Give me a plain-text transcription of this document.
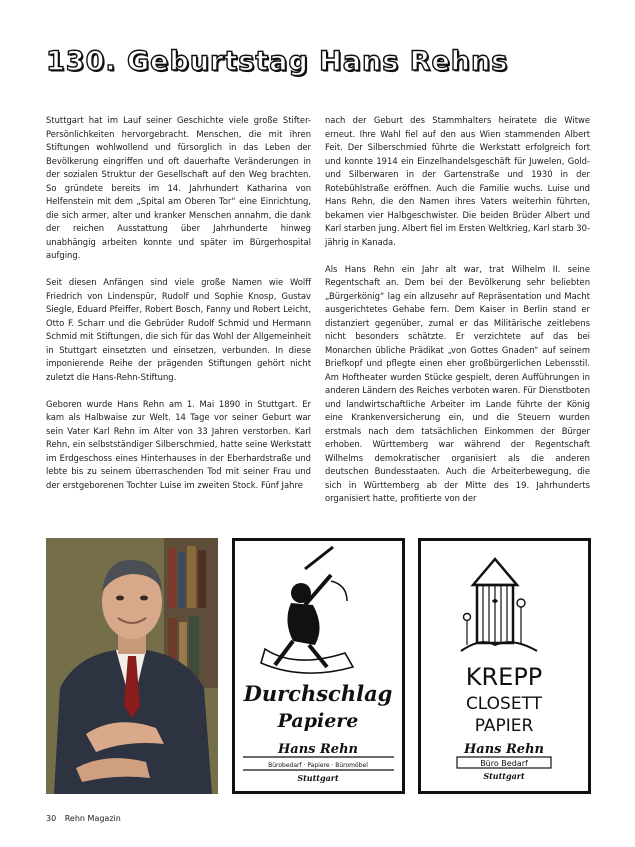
130. Geburtstag Hans Rehns

Stuttgart hat im Lauf seiner Geschichte viele große Stifter-Persönlichkeiten hervorgebracht. Menschen, die mit ihren Stiftungen wohlwollend und fürsorglich in das Leben der Bevölkerung eingriffen und oft dauerhafte Veränderungen in der sozialen Struktur der Gesellschaft auf den Weg brachten. So gründete bereits im 14. Jahrhundert Katharina von Helfenstein mit dem „Spital am Oberen Tor“ eine Einrichtung, die sich armer, alter und kranker Menschen annahm, die dank der reichen Ausstattung über Jahrhunderte hinweg unabhängig arbeiten konnte und später im Bürgerhospital aufging.

Seit diesen Anfängen sind viele große Namen wie Wolff Friedrich von Lindenspür, Rudolf und Sophie Knosp, Gustav Siegle, Eduard Pfeiffer, Robert Bosch, Fanny und Robert Leicht, Otto F. Scharr und die Gebrüder Rudolf Schmid und Hermann Schmid mit Stiftungen, die sich für das Wohl der Allgemeinheit in Stuttgart einsetzten und einsetzen, verbunden. In diese imponierende Reihe der prägenden Stiftungen gehört nicht zuletzt die Hans-Rehn-Stiftung.

Geboren wurde Hans Rehn am 1. Mai 1890 in Stuttgart. Er kam als Halbwaise zur Welt. 14 Tage vor seiner Geburt war sein Vater Karl Rehn im Alter von 33 Jahren verstorben. Karl Rehn, ein selbstständiger Silberschmied, hatte seine Werkstatt im Erdgeschoss eines Hinterhauses in der Eberhardstraße und lebte bis zu seinem überraschenden Tod mit seiner Frau und der erstgeborenen Tochter Luise im zweiten Stock. Fünf Jahre

nach der Geburt des Stammhalters heiratete die Witwe erneut. Ihre Wahl fiel auf den aus Wien stammenden Albert Feit. Der Silberschmied führte die Werkstatt erfolgreich fort und konnte 1914 ein Einzelhandelsgeschäft für Juwelen, Gold- und Silberwaren in der Gartenstraße und 1930 in der Rotebühlstraße eröffnen. Auch die Familie wuchs. Luise und Hans Rehn, die den Namen ihres Vaters weiterhin führten, bekamen vier Halbgeschwister. Die beiden Brüder Albert und Karl starben jung. Albert fiel im Ersten Weltkrieg, Karl starb 30-jährig in Kanada.

Als Hans Rehn ein Jahr alt war, trat Wilhelm II. seine Regentschaft an. Dem bei der Bevölkerung sehr beliebten „Bürgerkönig“ lag ein allzusehr auf Repräsentation und Macht ausgerichtetes Gehabe fern. Dem Kaiser in Berlin stand er distanziert gegenüber, zumal er das Militärische zeitlebens nicht besonders schätzte. Er verzichtete auf das bei Monarchen übliche Prädikat „von Gottes Gnaden“ auf seinem Briefkopf und pflegte einen eher großbürgerlichen Lebensstil. Am Hoftheater wurden Stücke gespielt, deren Aufführungen in anderen Ländern des Reiches verboten waren. Für Dienstboten und landwirtschaftliche Arbeiter im Lande führte der König eine Krankenversicherung ein, und die Steuern wurden erstmals nach dem tatsächlichen Einkommen der Bürger erhoben. Württemberg war während der Regentschaft Wilhelms demokratischer organisiert als die anderen deutschen Bundesstaaten. Auch die Arbeiterbewegung, die sich in Württemberg ab der Mitte des 19. Jahrhunderts organisiert hatte, profitierte von der

Durchschlag
Papiere
Hans Rehn
Bürobedarf · Papiere · Büromöbel
Stuttgart
KREPP
CLOSETT
PAPIER
Hans Rehn
Büro Bedarf
Stuttgart
30 Rehn Magazin
